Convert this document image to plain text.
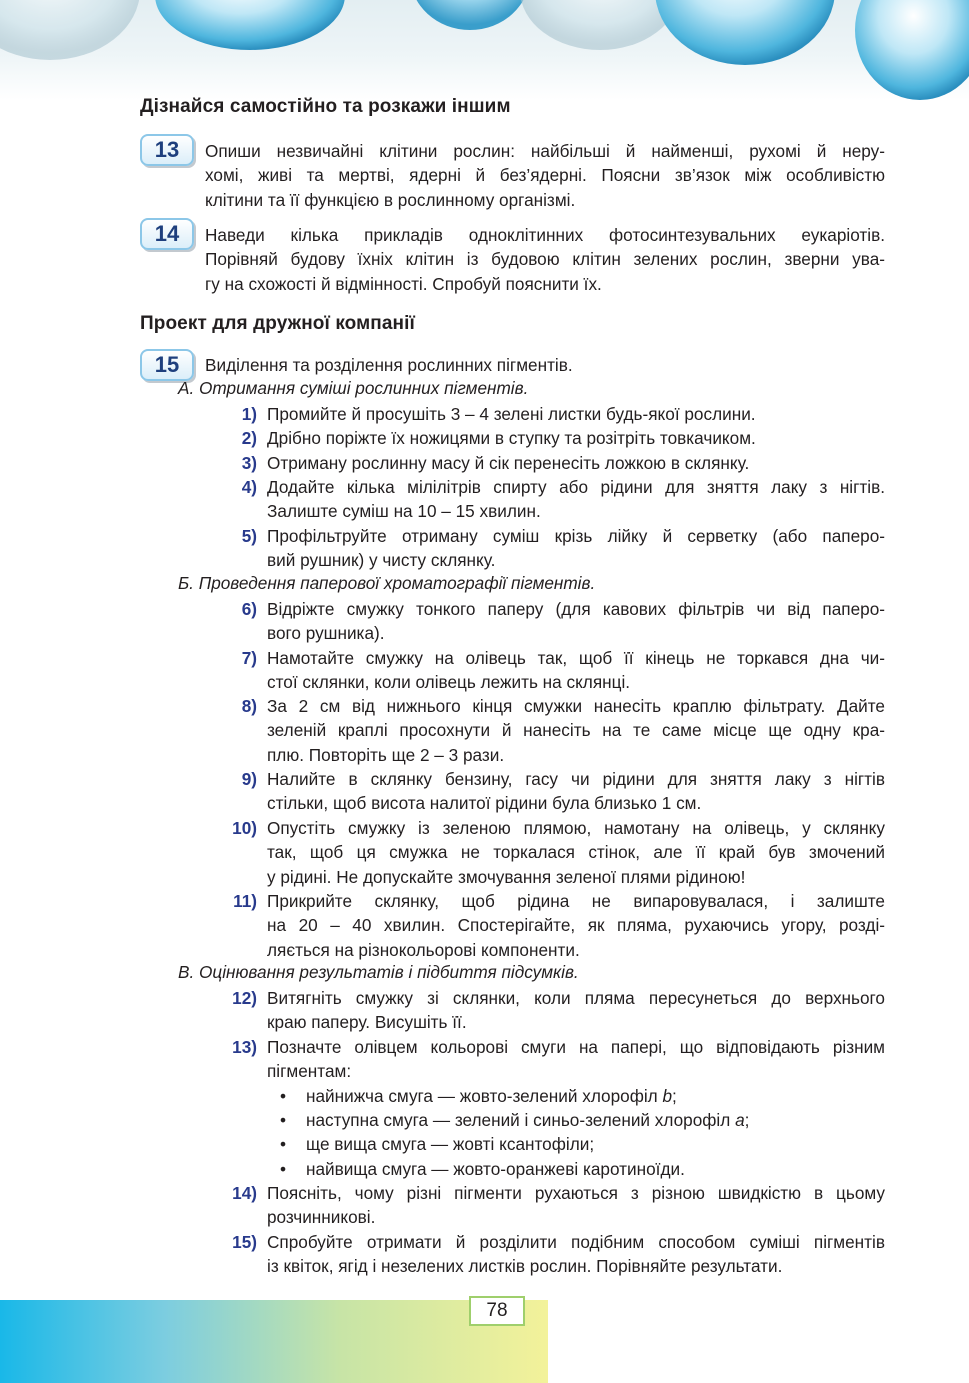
Дізнайся самостійно та розкажи іншим
13	Опиши незвичайні клітини рослин: найбільші й найменші, рухомі й неру-
хомі, живі та мертві, ядерні й без’ядерні. Поясни зв’язок між особливістю
клітини та її функцією в рослинному організмі.
14	Наведи кілька прикладів одноклітинних фотосинтезувальних еукаріотів.
Порівняй будову їхніх клітин із будовою клітин зелених рослин, зверни ува-
гу на схожості й відмінності. Спробуй пояснити їх.
Проект для дружної компанії
15	Виділення та розділення рослинних пігментів.
А. Отримання суміші рослинних пігментів.
1) Промийте й просушіть 3 – 4 зелені листки будь-якої рослини.
2) Дрібно поріжте їх ножицями в ступку та розітріть товкачиком.
3) Отриману рослинну масу й сік перенесіть ложкою в склянку.
4) Додайте кілька мілілітрів спирту або рідини для зняття лаку з нігтів.
Залиште суміш на 10 – 15 хвилин.
5) Профільтруйте отриману суміш крізь лійку й серветку (або паперо-
вий рушник) у чисту склянку.
Б. Проведення паперової хроматографії пігментів.
6) Відріжте смужку тонкого паперу (для кавових фільтрів чи від паперо-
вого рушника).
7) Намотайте смужку на олівець так, щоб її кінець не торкався дна чи-
стої склянки, коли олівець лежить на склянці.
8) За 2 см від нижнього кінця смужки нанесіть краплю фільтрату. Дайте
зеленій краплі просохнути й нанесіть на те саме місце ще одну кра-
плю. Повторіть ще 2 – 3 рази.
9) Налийте в склянку бензину, гасу чи рідини для зняття лаку з нігтів
стільки, щоб висота налитої рідини була близько 1 см.
10) Опустіть смужку із зеленою плямою, намотану на олівець, у склянку
так, щоб ця смужка не торкалася стінок, але її край був змочений
у рідині. Не допускайте змочування зеленої плями рідиною!
11) Прикрийте склянку, щоб рідина не випаровувалася, і залиште
на 20 – 40 хвилин. Спостерігайте, як пляма, рухаючись угору, розді-
ляється на різнокольорові компоненти.
В. Оцінювання результатів і підбиття підсумків.
12) Витягніть смужку зі склянки, коли пляма пересунеться до верхнього
краю паперу. Висушіть її.
13) Позначте олівцем кольорові смуги на папері, що відповідають різним
пігментам:
• найнижча смуга — жовто-зелений хлорофіл b;
• наступна смуга — зелений і синьо-зелений хлорофіл a;
• ще вища смуга — жовті ксантофіли;
• найвища смуга — жовто-оранжеві каротиноїди.
14) Поясніть, чому різні пігменти рухаються з різною швидкістю в цьому
розчинникові.
15) Спробуйте отримати й розділити подібним способом суміші пігментів
із квіток, ягід і незелених листків рослин. Порівняйте результати.
78
